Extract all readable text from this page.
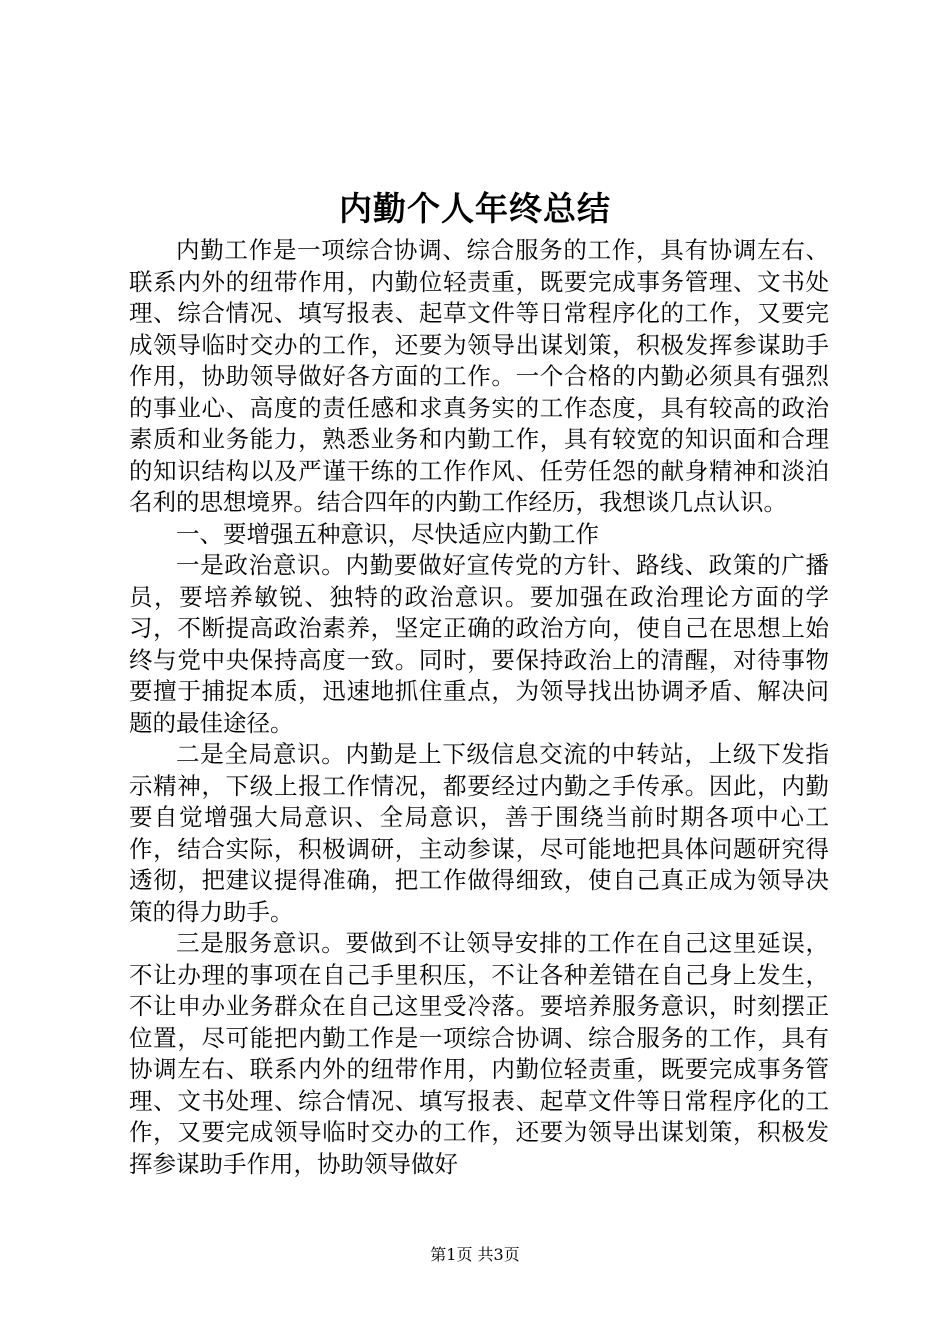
内勤个人年终总结

内勤工作是一项综合协调、综合服务的工作，具有协调左右、联系内外的纽带作用，内勤位轻责重，既要完成事务管理、文书处理、综合情况、填写报表、起草文件等日常程序化的工作，又要完成领导临时交办的工作，还要为领导出谋划策，积极发挥参谋助手作用，协助领导做好各方面的工作。一个合格的内勤必须具有强烈的事业心、高度的责任感和求真务实的工作态度，具有较高的政治素质和业务能力，熟悉业务和内勤工作，具有较宽的知识面和合理的知识结构以及严谨干练的工作作风、任劳任怨的献身精神和淡泊名利的思想境界。结合四年的内勤工作经历，我想谈几点认识。

一、要增强五种意识，尽快适应内勤工作

一是政治意识。内勤要做好宣传党的方针、路线、政策的广播员，要培养敏锐、独特的政治意识。要加强在政治理论方面的学习，不断提高政治素养，坚定正确的政治方向，使自己在思想上始终与党中央保持高度一致。同时，要保持政治上的清醒，对待事物要擅于捕捉本质，迅速地抓住重点，为领导找出协调矛盾、解决问题的最佳途径。

二是全局意识。内勤是上下级信息交流的中转站，上级下发指示精神，下级上报工作情况，都要经过内勤之手传承。因此，内勤要自觉增强大局意识、全局意识，善于围绕当前时期各项中心工作，结合实际，积极调研，主动参谋，尽可能地把具体问题研究得透彻，把建议提得准确，把工作做得细致，使自己真正成为领导决策的得力助手。

三是服务意识。要做到不让领导安排的工作在自己这里延误，不让办理的事项在自己手里积压，不让各种差错在自己身上发生，不让申办业务群众在自己这里受冷落。要培养服务意识，时刻摆正位置，尽可能把内勤工作是一项综合协调、综合服务的工作，具有协调左右、联系内外的纽带作用，内勤位轻责重，既要完成事务管理、文书处理、综合情况、填写报表、起草文件等日常程序化的工作，又要完成领导临时交办的工作，还要为领导出谋划策，积极发挥参谋助手作用，协助领导做好

第1页 共3页
